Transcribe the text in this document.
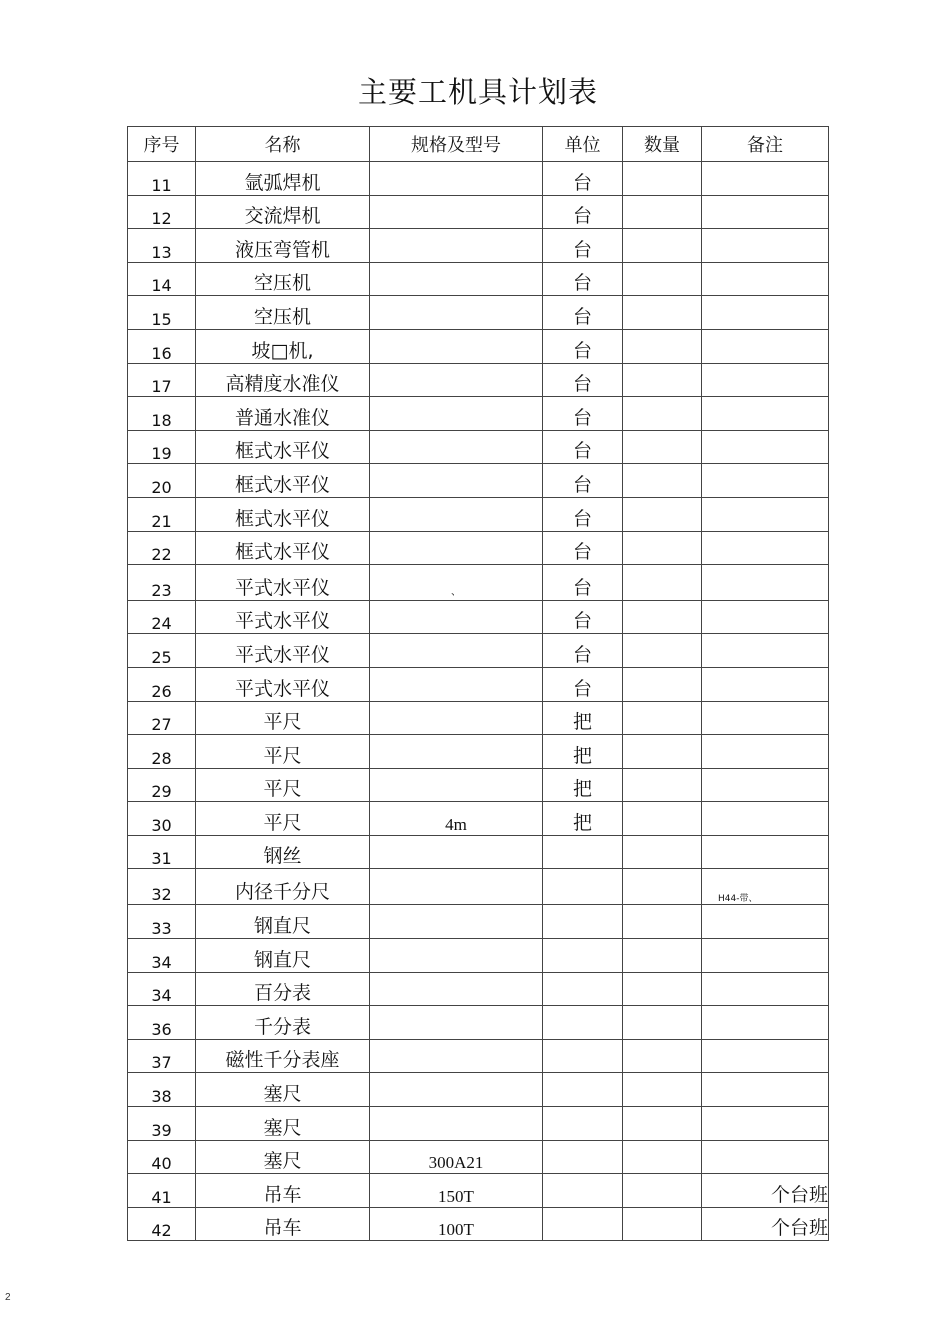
主要工机具计划表
序号	名称	规格及型号	单位	数量	备注
11	氩弧焊机		台		
12	交流焊机		台		
13	液压弯管机		台		
14	空压机		台		
15	空压机		台		
16	坡□机,		台		
17	高精度水准仪		台		
18	普通水准仪		台		
19	框式水平仪		台		
20	框式水平仪		台		
21	框式水平仪		台		
22	框式水平仪		台		
23	平式水平仪	、	台		
24	平式水平仪		台		
25	平式水平仪		台		
26	平式水平仪		台		
27	平尺		把		
28	平尺		把		
29	平尺		把		
30	平尺	4m	把		
31	钢丝				
32	内径千分尺				H44-带、

33	钢直尺				
34	钢直尺				
34	百分表				
36	千分表				
37	磁性千分表座				
38	塞尺				
39	塞尺				
40	塞尺	300A21			
41	吊车	150T			个台班
42	吊车	100T			个台班
2
